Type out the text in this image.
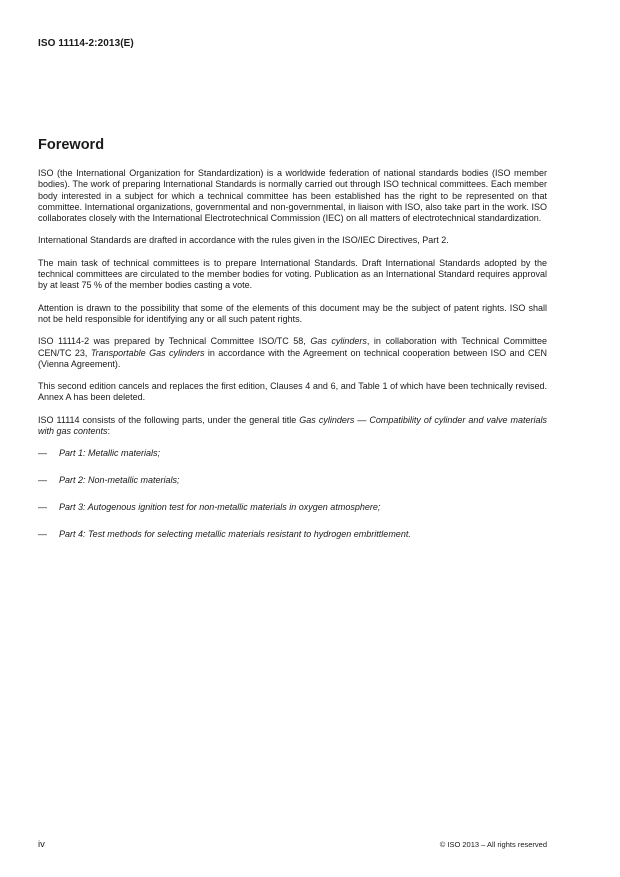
ISO 11114-2:2013(E)
Foreword

ISO (the International Organization for Standardization) is a worldwide federation of national standards bodies (ISO member bodies). The work of preparing International Standards is normally carried out through ISO technical committees. Each member body interested in a subject for which a technical committee has been established has the right to be represented on that committee. International organizations, governmental and non-governmental, in liaison with ISO, also take part in the work. ISO collaborates closely with the International Electrotechnical Commission (IEC) on all matters of electrotechnical standardization.

International Standards are drafted in accordance with the rules given in the ISO/IEC Directives, Part 2.

The main task of technical committees is to prepare International Standards. Draft International Standards adopted by the technical committees are circulated to the member bodies for voting. Publication as an International Standard requires approval by at least 75 % of the member bodies casting a vote.

Attention is drawn to the possibility that some of the elements of this document may be the subject of patent rights. ISO shall not be held responsible for identifying any or all such patent rights.

ISO 11114-2 was prepared by Technical Committee ISO/TC 58, Gas cylinders, in collaboration with Technical Committee CEN/TC 23, Transportable Gas cylinders in accordance with the Agreement on technical cooperation between ISO and CEN (Vienna Agreement).

This second edition cancels and replaces the first edition, Clauses 4 and 6, and Table 1 of which have been technically revised. Annex A has been deleted.

ISO 11114 consists of the following parts, under the general title Gas cylinders — Compatibility of cylinder and valve materials with gas contents:

— Part 1: Metallic materials;
— Part 2: Non-metallic materials;
— Part 3: Autogenous ignition test for non-metallic materials in oxygen atmosphere;
— Part 4: Test methods for selecting metallic materials resistant to hydrogen embrittlement.
iv	© ISO 2013 – All rights reserved
